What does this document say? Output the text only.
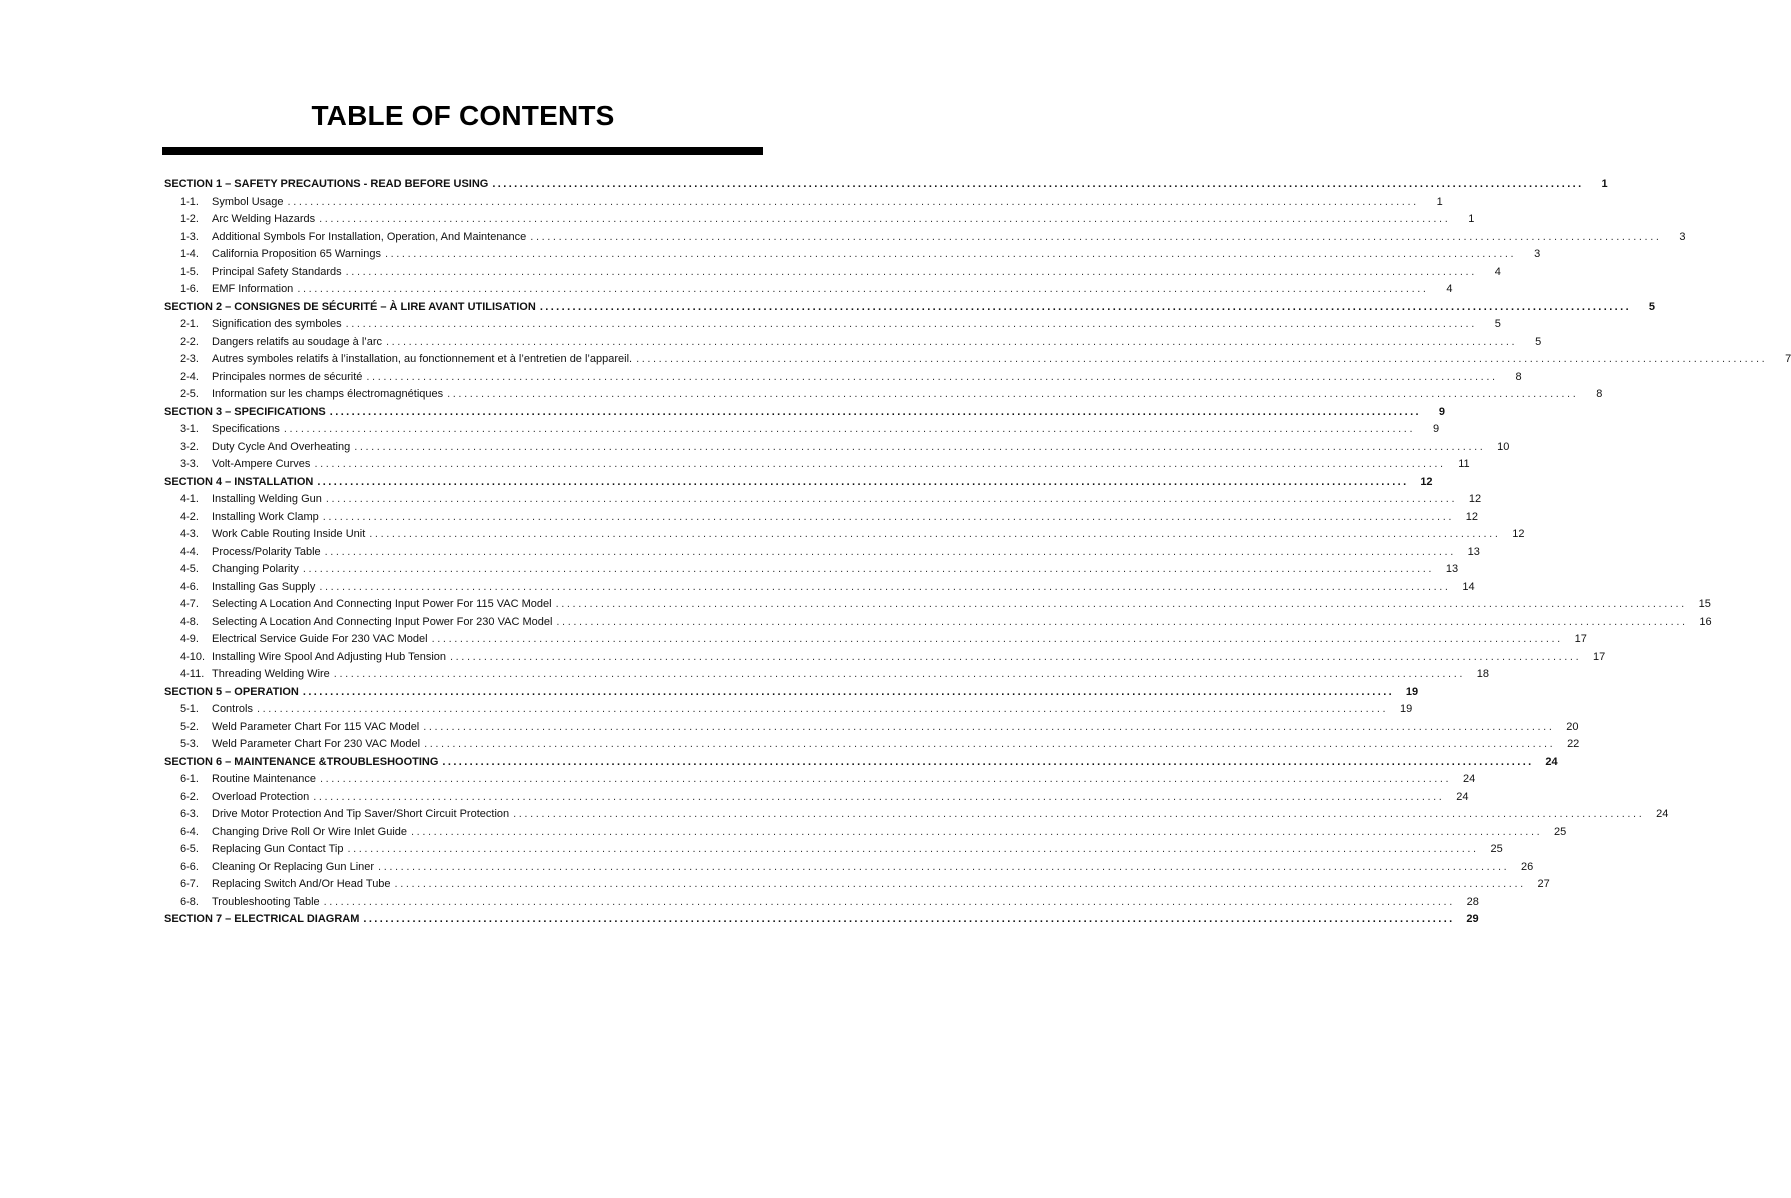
TABLE OF CONTENTS
SECTION 1 – SAFETY PRECAUTIONS - READ BEFORE USING ........................................................................................................................................................................................................	1
1-1.	Symbol Usage ........................................................................................................................................................................................................	1
1-2.	Arc Welding Hazards ........................................................................................................................................................................................................	1
1-3.	Additional Symbols For Installation, Operation, And Maintenance ........................................................................................................................................................................................................	3
1-4.	California Proposition 65 Warnings ........................................................................................................................................................................................................	3
1-5.	Principal Safety Standards ........................................................................................................................................................................................................	4
1-6.	EMF Information ........................................................................................................................................................................................................	4
SECTION 2 – CONSIGNES DE SÉCURITÉ – À LIRE AVANT UTILISATION ........................................................................................................................................................................................................	5
2-1.	Signification des symboles ........................................................................................................................................................................................................	5
2-2.	Dangers relatifs au soudage à l’arc ........................................................................................................................................................................................................	5
2-3.	Autres symboles relatifs à l’installation, au fonctionnement et à l’entretien de l’appareil. ........................................................................................................................................................................................................	7
2-4.	Principales normes de sécurité ........................................................................................................................................................................................................	8
2-5.	Information sur les champs électromagnétiques ........................................................................................................................................................................................................	8
SECTION 3 – SPECIFICATIONS ........................................................................................................................................................................................................	9
3-1.	Specifications ........................................................................................................................................................................................................	9
3-2.	Duty Cycle And Overheating ........................................................................................................................................................................................................	10
3-3.	Volt-Ampere Curves ........................................................................................................................................................................................................	11
SECTION 4 – INSTALLATION ........................................................................................................................................................................................................	12
4-1.	Installing Welding Gun ........................................................................................................................................................................................................	12
4-2.	Installing Work Clamp ........................................................................................................................................................................................................	12
4-3.	Work Cable Routing Inside Unit ........................................................................................................................................................................................................	12
4-4.	Process/Polarity Table ........................................................................................................................................................................................................	13
4-5.	Changing Polarity ........................................................................................................................................................................................................	13
4-6.	Installing Gas Supply ........................................................................................................................................................................................................	14
4-7.	Selecting A Location And Connecting Input Power For 115 VAC Model ........................................................................................................................................................................................................	15
4-8.	Selecting A Location And Connecting Input Power For 230 VAC Model ........................................................................................................................................................................................................	16
4-9.	Electrical Service Guide For 230 VAC Model ........................................................................................................................................................................................................	17
4-10. Installing Wire Spool And Adjusting Hub Tension ........................................................................................................................................................................................................	17
4-11. Threading Welding Wire ........................................................................................................................................................................................................	18
SECTION 5 – OPERATION ........................................................................................................................................................................................................	19
5-1.	Controls ........................................................................................................................................................................................................	19
5-2.	Weld Parameter Chart For 115 VAC Model ........................................................................................................................................................................................................	20
5-3.	Weld Parameter Chart For 230 VAC Model ........................................................................................................................................................................................................	22
SECTION 6 – MAINTENANCE &TROUBLESHOOTING ........................................................................................................................................................................................................	24
6-1.	Routine Maintenance ........................................................................................................................................................................................................	24
6-2.	Overload Protection ........................................................................................................................................................................................................	24
6-3.	Drive Motor Protection And Tip Saver/Short Circuit Protection ........................................................................................................................................................................................................	24
6-4.	Changing Drive Roll Or Wire Inlet Guide ........................................................................................................................................................................................................	25
6-5.	Replacing Gun Contact Tip ........................................................................................................................................................................................................	25
6-6.	Cleaning Or Replacing Gun Liner ........................................................................................................................................................................................................	26
6-7.	Replacing Switch And/Or Head Tube ........................................................................................................................................................................................................	27
6-8.	Troubleshooting Table ........................................................................................................................................................................................................	28
SECTION 7 – ELECTRICAL DIAGRAM ........................................................................................................................................................................................................	29
